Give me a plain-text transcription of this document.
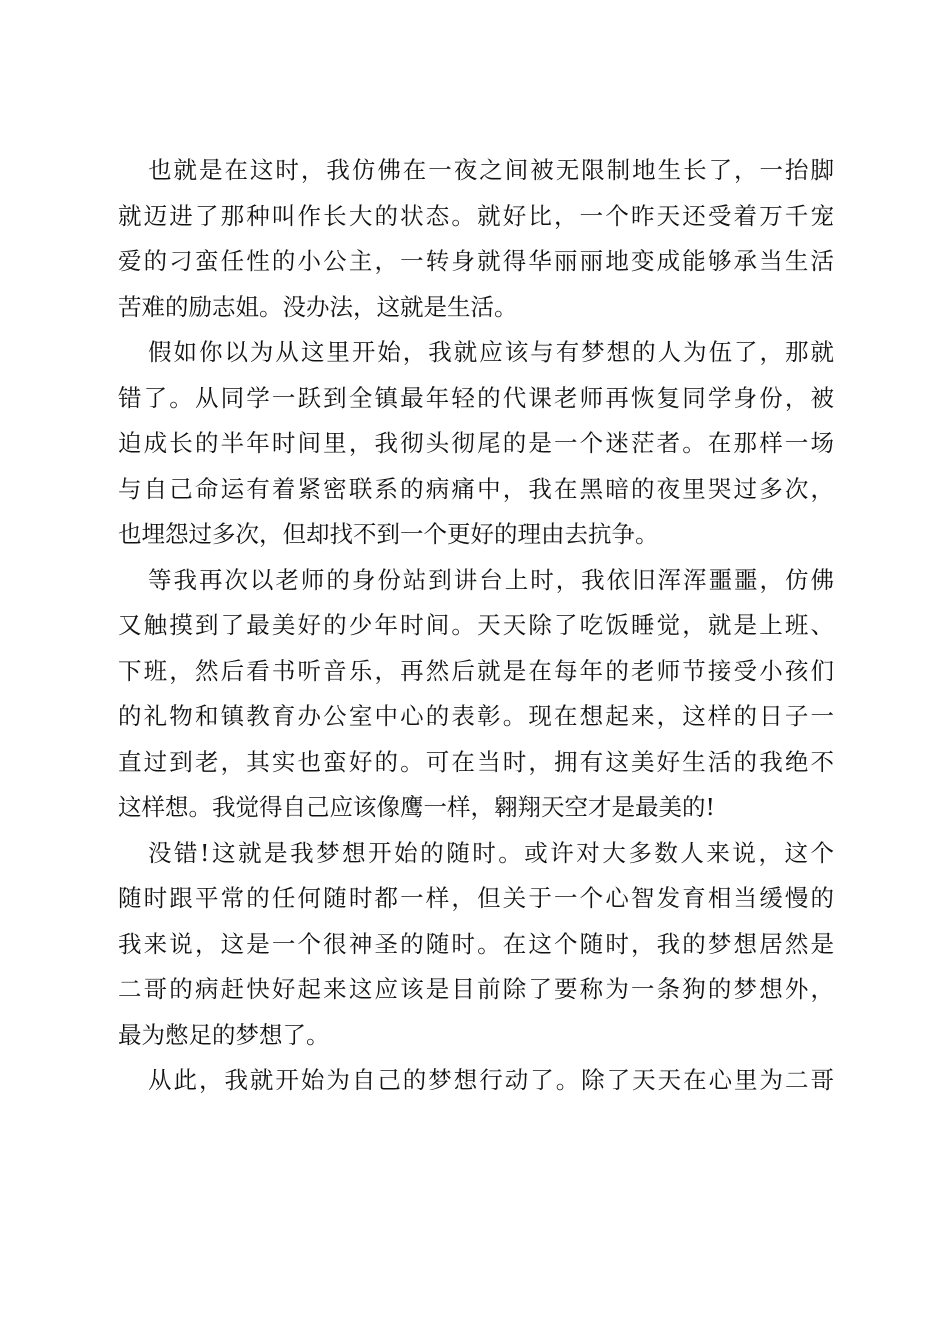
也就是在这时，我仿佛在一夜之间被无限制地生长了，一抬脚
就迈进了那种叫作长大的状态。就好比，一个昨天还受着万千宠
爱的刁蛮任性的小公主，一转身就得华丽丽地变成能够承当生活
苦难的励志姐。没办法，这就是生活。
假如你以为从这里开始，我就应该与有梦想的人为伍了，那就
错了。从同学一跃到全镇最年轻的代课老师再恢复同学身份，被
迫成长的半年时间里，我彻头彻尾的是一个迷茫者。在那样一场
与自己命运有着紧密联系的病痛中，我在黑暗的夜里哭过多次，
也埋怨过多次，但却找不到一个更好的理由去抗争。
等我再次以老师的身份站到讲台上时，我依旧浑浑噩噩，仿佛
又触摸到了最美好的少年时间。天天除了吃饭睡觉，就是上班、
下班，然后看书听音乐，再然后就是在每年的老师节接受小孩们
的礼物和镇教育办公室中心的表彰。现在想起来，这样的日子一
直过到老，其实也蛮好的。可在当时，拥有这美好生活的我绝不
这样想。我觉得自己应该像鹰一样，翱翔天空才是最美的!
没错!这就是我梦想开始的随时。或许对大多数人来说，这个
随时跟平常的任何随时都一样，但关于一个心智发育相当缓慢的
我来说，这是一个很神圣的随时。在这个随时，我的梦想居然是
二哥的病赶快好起来这应该是目前除了要称为一条狗的梦想外，
最为憋足的梦想了。
从此，我就开始为自己的梦想行动了。除了天天在心里为二哥
